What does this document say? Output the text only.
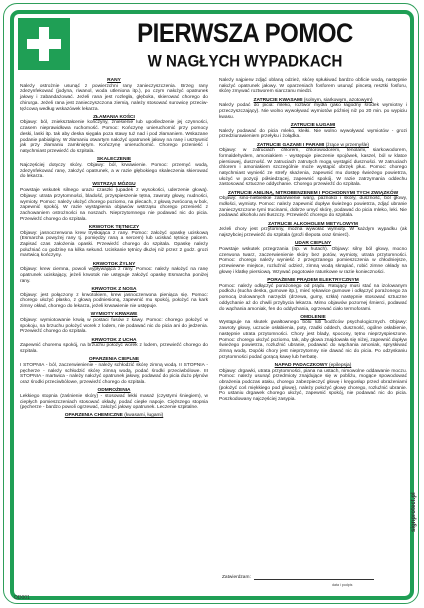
PIERWSZA POMOC
W NAGŁYCH WYPADKACH
RANY

Należy ostrożnie usunąć z powierzchni rany zanieczyszczenia. Brzeg rany zdezynfekować (jodyna, riwanol, woda utleniona itp.), po czym nałożyć opatrunek jałowy i zabandażować. Jeżeli rana jest rozległa, głęboka, skierować chorego do chirurga. Jeżeli rana jest zanieczyszczona ziemią, należy stosować surowicę przeciw-tężcową według wskazówek lekarza.

ZŁAMANIA KOŚCI

Objawy: ból, zniekształcenie kończyny, zniesienie lub upośledzenie jej czynności, czasem nieprawidłowa ruchomość. Pomoc: Kończynę unieruchomić przy pomocy deski, laski itp. tak aby deska sięgała poza stawy tuż nad i pod złamaniem. Wskazane podanie pabialginy. W złamaniu otwartym nałożyć opatrunek jałowy na ranę i usztywnić jak przy złamaniu zamkniętym. Kończynę unieruchomić. Chorego przenieść i natychmiast przewieźć do szpitala.

SKALECZENIE

Najczęściej dotyczy skóry. Objawy: ból, krwawienie. Pomoc: przemyć wodą, zdezynfekować ranę, założyć opatrunek, a w razie głębokiego skaleczenia skierować do lekarza.

WSTRZĄS MÓZGU

Powstaje wskutek silnego urazu czaszki (upadek z wysokości, uderzenie głową). Objawy: utrata przytomności, bladość, przyspieszenie tętna, zawroty głowy, nudności, wymioty. Pomoc: należy ułożyć chorego poziomo, na plecach, z głową zwróconą w bok, zapewnić spokój. W razie wystąpienia objawów wstrząsu chorego przenieść z zachowaniem ostrożności na noszach. Nieprzytomnego nie podawać nic do picia. Przewieźć chorego do szpitala.

KRWOTOK TĘTNICZY

Objawy: jasnoczerwona krew tryskająca z rany. Pomoc: założyć opaskę uciskową (Esmarcha powyżej rany tj. pomiędzy raną a sercem) lub uciskać tętnicę palcem. Zapisać czas założenia opaski. Przewieźć chorego do szpitala. Opaskę należy poluźniać co godzinę na kilka sekund. Uciskanie tętnicy dłużej niż przez 2 godz. grozi martwicą kończyny.

KRWOTOK ŻYLNY

Objawy: krew ciemna, powoli wypływająca z rany. Pomoc: należy nałożyć na ranę opatrunek uciskający, jeżeli krwotok nie ustępuje założyć opaskę Esmarcha poniżej rany.

KRWOTOK Z NOSA

Objawy: jest połączony z krwotokiem, krew jasnoczerwona pieniąca się. Pomoc: chorego ułożyć płasko, z głową podniesioną, zapewnić mu spokój, położyć na kark zimny okład, chorego do lekarza, jeżeli krwawienie nie ustępuje.

WYMIOTY KRWAWE

Objawy: wymiotowanie krwią w postaci fusów z kawy. Pomoc: chorego położyć w spokoju, na brzuchu położyć worek z lodem, nie podawać nic do picia ani do jedzenia. Przewieźć chorego do szpitala.

KRWOTOK Z UCHA

Zapewnić choremu spokój, na brzuchu położyć worek z lodem, przewieźć chorego do szpitala.

OPARZENIA CIEPLNE

I STOPNIA - ból, zaczerwienienie - należy schłodzić skórę zimną wodą. II STOPNIA - pęcherze - należy schłodzić skórę zimną wodą, podać środki przeciwbólowe. III STOPNIA - martwica - należy nałożyć opatrunek jałowy, podawać do picia dużo płynów oraz środki przeciwbólowe, przewieźć chorego do szpitala.

ODMROŻENIA

Lekkiego stopnia (zaśnienie skóry) - stosować lekki masaż (czystymi śniegiem), w ciepłych pomieszczeniach stosować okłady, podać ciepłe napoje. Cięższego stopnia (pęcherze - bardzo powoli ogrzewać, założyć jałowy opatrunek. Leczenie szpitalne.

OPARZENIA CHEMICZNE (kwasami, ługami)

Należy najpierw zdjąć oblaną odzież, skórę spłukiwać bardzo obficie wodą, następnie nałożyć opatrunek jałowy. W oparzeniach fosforem usunąć pincetą resztki fosforu, skórę zmywać roztworem siarczanu miedzi.

ZATRUCIE KWASAMI (solnym, siarkowym, azotowym)

Należy podać do picia: mleko, roztwór mydła (jako łagodny środek wymiotny i przeczyszczający). Nie wolno wywoływać wymiotów później niż po 20 min. po wypiciu kwasu.

ZATRUCIE ŁUGAMI

Należy podawać do picia mleko, kleiki. Nie wolno wywoływać wymiotów - grozi przedziurawieniem przełyku i żołądka.

ZATRUCIE GAZAMI I PARAMI (żrące w przemyśle)

Objawy: w zatruciach chlorem, chlorowodorem, fenolami, siarkowodorem, formaldehydem, amoniakiem - występuje pieczenie spojówek, kaszel, ból w klatce piersiowej, duszność. W zatruciach zatrutych mogą wystąpić duszności. W zatruciach chlorem i amoniakiem szczególnie może wystąpić obrzęk płuc. Pomoc: chorego natychmiast wynieść ze strefy skażenia, zapewnić mu dostęp świeżego powietrza, ułożyć w pozycji półsiedzącej, zapewnić spokój. W razie zatrzymania oddechu zastosować sztuczne oddychanie. Chorego przewieźć do szpitala.

ZATRUCIE ANILINĄ, NITROBENZENEM I POCHODNYMI TYCH ZWIĄZKÓW

Objawy: sino-niebieskie zabarwienie warg, paznokci i skóry, duszność, ból głowy, mdłości, wymioty. Pomoc: należy zapewnić dopływ świeżego powietrza, zdjąć ubranie zanieczyszczone tymi trucinami, dobrze umyć skórę, podawać do picia mleko, leki. Nie podawać alkoholu ani tłuszczy. Przewieźć chorego do szpitala.

ZATRUCIE ALKOHOLEM METYLOWYM

Jeżeli chory jest przytomny, można wywołać wymioty. W każdym wypadku (ak najszybciej przewieźć do szpitala (groźi ślepota oraz śmierć).

UDAR CIEPLNY

Powstaje wskutek przegrzania (np. w hutach). Objawy: silny ból głowy, mocno czerwona twarz, zaczerwienienie skóry bez potów, wymioty, utrata przytomności. Pomoc: chorego należy wynieść z przegrzanego pomieszczenia w chłodniejsze, przewiewne miejsce, rozluźnić odzież, zimną wodą skrapiać, robić zimne okłady na głowę i klatkę piersiową. Wzywać pogotowie ratunkowe w razie konieczności.

PORAŻENIE PRĄDEM ELEKTRYCZNYM

Pomoc: należy odłączyć porażonego od prądu. Ratujący musi stać na izolowanym podłożu (sucha deska, gumowe itp.), mieć rękawice gumowe i odłączyć porażonego za pomocą izolowanych narzędzi (drzewa, gumy, szkła) następnie stosować sztuczne oddychanie aż do chwili przybycia lekarza. Mimo objawów pozornej śmierci, podawać do wąchania amoniak, fen do oddychania, ogrzewać ciało termoforami.

OMDLENIE

Wystąpuje na skutek gwałtownego bólu lub bodźców psychologicznych. Objawy: zawroty głowy, uczucie osłabienia, poty, rzadki oddech, duszność, ogólne osłabienie, następnie utrata przytomności. Chory jest blady, spocony, tętno nieprzyspieszone. Pomoc: chorego ułożyć poziomo, tak, aby głowa znajdowała się niżej, zapewnić dopływ świeżego powietrza, rozluźnić ubranie, podawać do wąchania amoniak, spryskiwać zimną wodą. Dopóki chory jest nieprzytomny nie dawać nic do picia. Po odzyskaniu przytomności podać gorącą kawę lub herbatę.

NAPAD PADACZKOWY (epilepsja)

Objawy: drgawki, utrata przytomności, piana na ustach, nimowolne oddawanie moczu. Pomoc: należy usunąć przedmioty znajdujące się w pobliżu, mogące spowodować obrażenia podczas ataku, chorego zabezpieczyć głowę i kręgosłup przed obrażeniami (położyć coś miękkiego pod głowę), należy położyć głowę chorego, rozluźnić ubranie. Po ustaniu drgawek chorego ułożyć, zapewnić spokój, nie podawać nic do picia. Poszkodowany najczęściej zasypia.

Zatwierdzam:
data i podpis
OD001
signprotect.pl
